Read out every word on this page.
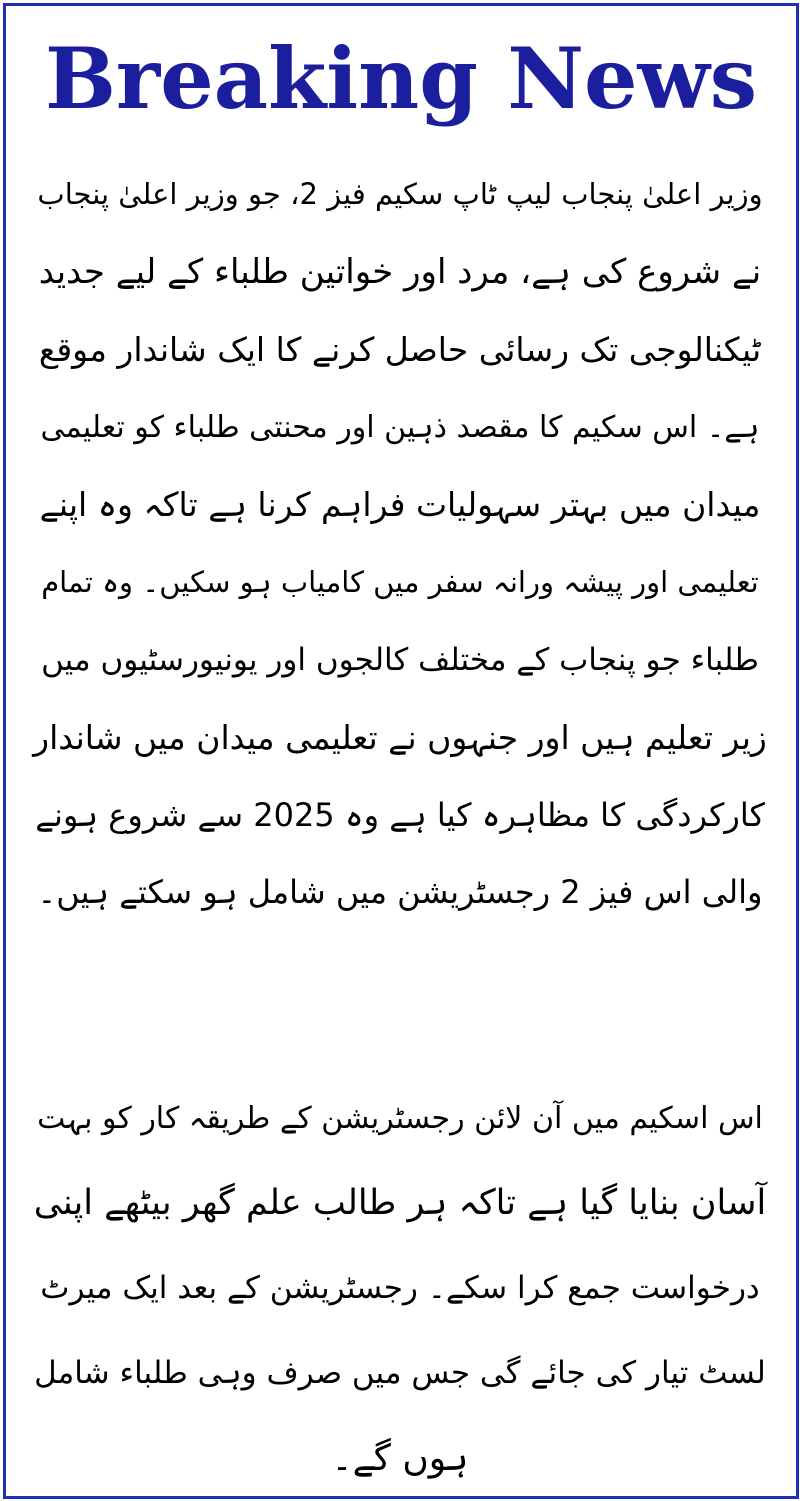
Breaking News
وزیر اعلیٰ پنجاب لیپ ٹاپ سکیم فیز 2، جو وزیر اعلیٰ پنجاب
نے شروع کی ہے، مرد اور خواتین طلباء کے لیے جدید
ٹیکنالوجی تک رسائی حاصل کرنے کا ایک شاندار موقع
ہے۔ اس سکیم کا مقصد ذہین اور محنتی طلباء کو تعلیمی
میدان میں بہتر سہولیات فراہم کرنا ہے تاکہ وہ اپنے
تعلیمی اور پیشہ ورانہ سفر میں کامیاب ہو سکیں۔ وہ تمام
طلباء جو پنجاب کے مختلف کالجوں اور یونیورسٹیوں میں
زیر تعلیم ہیں اور جنہوں نے تعلیمی میدان میں شاندار
کارکردگی کا مظاہرہ کیا ہے وہ 2025 سے شروع ہونے
والی اس فیز 2 رجسٹریشن میں شامل ہو سکتے ہیں۔
اس اسکیم میں آن لائن رجسٹریشن کے طریقہ کار کو بہت
آسان بنایا گیا ہے تاکہ ہر طالب علم گھر بیٹھے اپنی
درخواست جمع کرا سکے۔ رجسٹریشن کے بعد ایک میرٹ
لسٹ تیار کی جائے گی جس میں صرف وہی طلباء شامل
ہوں گے۔
